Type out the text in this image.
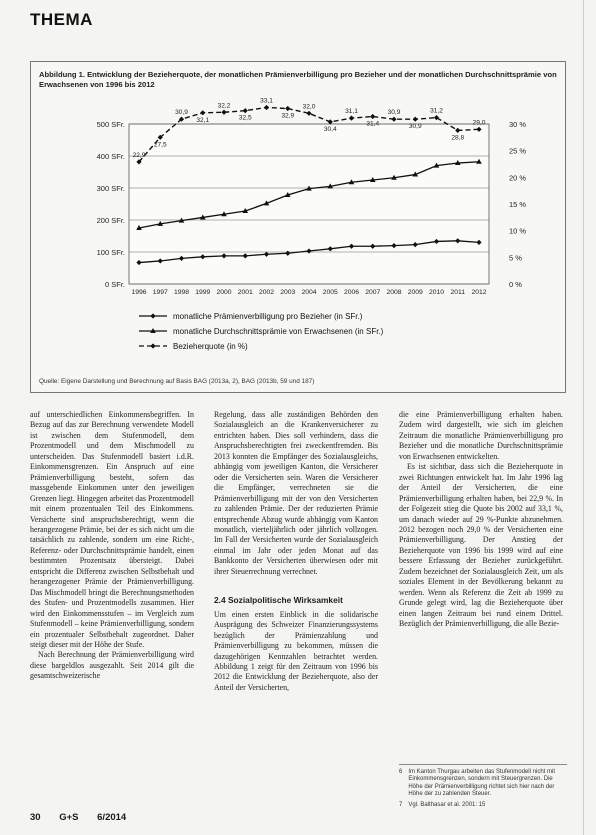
THEMA
Abbildung 1. Entwicklung der Bezieherquote, der monatlichen Prämienverbilligung pro Bezieher und der monatlichen Durchschnittsprämie von Erwachsenen von 1996 bis 2012
0 SFr.
100 SFr.
200 SFr.
300 SFr.
400 SFr.
500 SFr.
0 %
5 %
10 %
15 %
20 %
25 %
30 %
1996 1997 1998 1999 2000 2001 2002 2003 2004 2005 2006 2007 2008 2009 2010 2011 2012
22,9
27,5
30,9
32,1
32,2
32,5
33,1
32,9
32,0
30,4
31,1
31,4
30,9
30,9
31,2
28,8
29,0
monatliche Prämienverbilligung pro Bezieher (in SFr.)
monatliche Durchschnittsprämie von Erwachsenen (in SFr.)
Bezieherquote (in %)
Quelle: Eigene Darstellung und Berechnung auf Basis BAG (2013a, 2), BAG (2013b, 59 und 187)

auf unterschiedlichen Einkommensbegriffen. In Bezug auf das zur Berechnung verwendete Modell ist zwischen dem Stufenmodell, dem Prozentmodell und dem Mischmodell zu unterscheiden. Das Stufenmodell basiert i.d.R. Einkommensgrenzen. Ein Anspruch auf eine Prämienverbilligung besteht, sofern das massgebende Einkommen unter den jeweiligen Grenzen liegt. Hingegen arbeitet das Prozentmodell mit einem prozentualen Teil des Einkommens. Versicherte sind anspruchsberechtigt, wenn die herangezogene Prämie, bei der es sich nicht um die tatsächlich zu zahlende, sondern um eine Richt-, Referenz- oder Durchschnittsprämie handelt, einen bestimmten Prozentsatz übersteigt. Dabei entspricht die Differenz zwischen Selbstbehalt und herangezogener Prämie der Prämienverbilligung. Das Mischmodell bringt die Berechnungsmethoden des Stufen- und Prozentmodells zusammen. Hier wird den Einkommensstufen – im Vergleich zum Stufenmodell – keine Prämienverbilligung, sondern ein prozentualer Selbstbehalt zugeordnet. Daher steigt dieser mit der Höhe der Stufe.

Nach Berechnung der Prämienverbilligung wird diese bargeldlos ausgezahlt. Seit 2014 gilt die gesamtschweizerische

Regelung, dass alle zuständigen Behörden den Sozialausgleich an die Krankenversicherer zu entrichten haben. Dies soll verhindern, dass die Anspruchsberechtigten frei zweckentfremden. Bis 2013 konnten die Empfänger des Sozialausgleichs, abhängig vom jeweiligen Kanton, die Versicherer oder die Versicherten sein. Waren die Versicherer die Empfänger, verrechneten sie die Prämienverbilligung mit der von den Versicherten zu zahlenden Prämie. Der der reduzierten Prämie entsprechende Abzug wurde abhängig vom Kanton monatlich, vierteljährlich oder jährlich vollzogen. Im Fall der Versicherten wurde der Sozialausgleich einmal im Jahr oder jeden Monat auf das Bankkonto der Versicherten überwiesen oder mit ihrer Steuerrechnung verrechnet.

2.4 Sozialpolitische Wirksamkeit

Um einen ersten Einblick in die solidarische Ausprägung des Schweizer Finanzierungssystems bezüglich der Prämienzahlung und Prämienverbilligung zu bekommen, müssen die dazugehörigen Kennzahlen betrachtet werden. Abbildung 1 zeigt für den Zeitraum von 1996 bis 2012 die Entwicklung der Bezieherquote, also der Anteil der Versicherten,

die eine Prämienverbilligung erhalten haben. Zudem wird dargestellt, wie sich im gleichen Zeitraum die monatliche Prämienverbilligung pro Bezieher und die monatliche Durchschnittsprämie von Erwachsenen entwickelten.

Es ist sichtbar, dass sich die Bezieherquote in zwei Richtungen entwickelt hat. Im Jahr 1996 lag der Anteil der Versicherten, die eine Prämienverbilligung erhalten haben, bei 22,9 %. In der Folgezeit stieg die Quote bis 2002 auf 33,1 %, um danach wieder auf 29 %-Punkte abzunehmen. 2012 bezogen noch 29,0 % der Versicherten eine Prämienverbilligung. Der Anstieg der Bezieherquote von 1996 bis 1999 wird auf eine bessere Erfassung der Bezieher zurückgeführt. Zudem bezeichnet der Sozialausgleich Zeit, um als soziales Element in der Bevölkerung bekannt zu werden. Wenn als Referenz die Zeit ab 1999 zu Grunde gelegt wird, lag die Bezieherquote über einen langen Zeitraum bei rund einem Drittel. Bezüglich der Prämienverbilligung, die alle Bezie-

6 Im Kanton Thurgau arbeiten das Stufenmodell nicht mit Einkommensgrenzen, sondern mit Steuergrenzen. Die Höhe der Prämienverbilligung richtet sich hier nach der Höhe der zu zahlenden Steuer.
7 Vgl. Balthasar et al. 2001: 15
30 G+S 6/2014
